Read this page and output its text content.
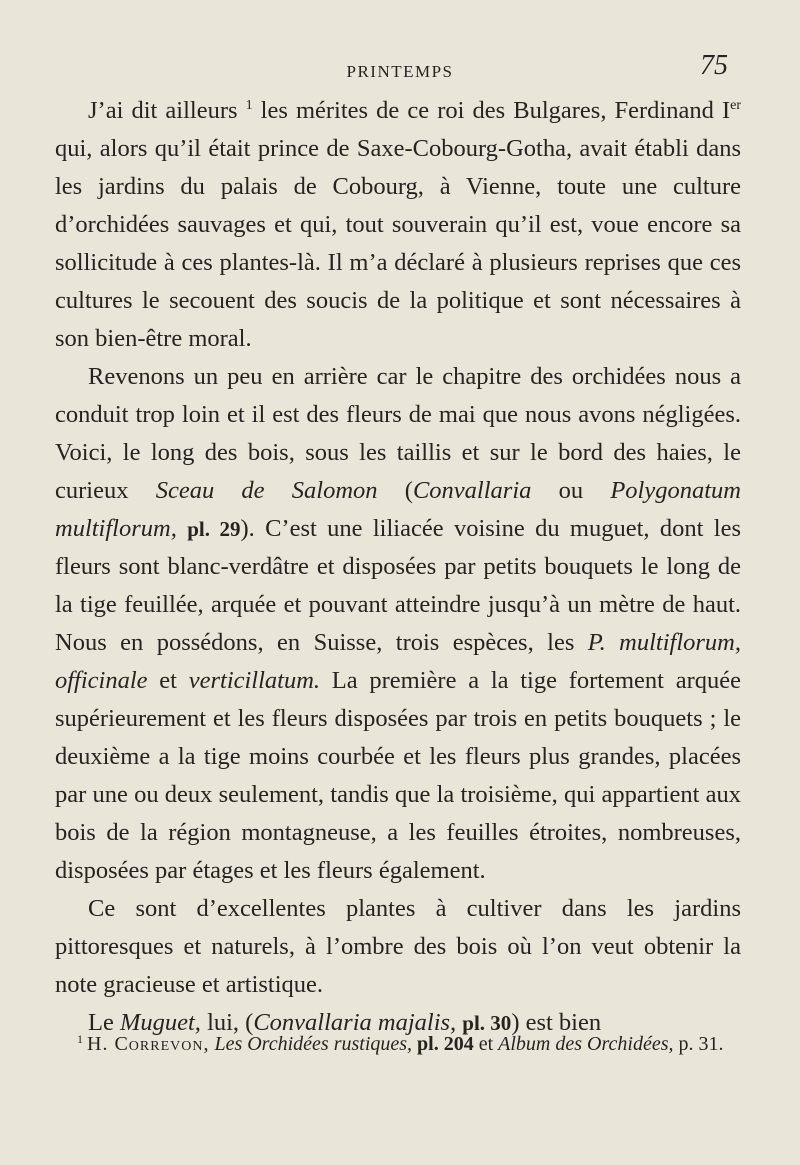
PRINTEMPS	75

J’ai dit ailleurs $^1$ les mérites de ce roi des Bulgares, Ferdinand Ier qui, alors qu’il était prince de Saxe-Cobourg-Gotha, avait établi dans les jardins du palais de Cobourg, à Vienne, toute une culture d’orchidées sauvages et qui, tout souverain qu’il est, voue encore sa sollicitude à ces plantes-là. Il m’a déclaré à plusieurs reprises que ces cultures le secouent des soucis de la politique et sont nécessaires à son bien-être moral.

Revenons un peu en arrière car le chapitre des orchidées nous a conduit trop loin et il est des fleurs de mai que nous avons négligées. Voici, le long des bois, sous les taillis et sur le bord des haies, le curieux Sceau de Salomon (Convallaria ou Polygonatum multiflorum, pl. 29). C’est une liliacée voisine du muguet, dont les fleurs sont blanc-verdâtre et disposées par petits bouquets le long de la tige feuillée, arquée et pouvant atteindre jusqu’à un mètre de haut. Nous en possédons, en Suisse, trois espèces, les P. multiflorum, officinale et verticillatum. La première a la tige fortement arquée supérieurement et les fleurs disposées par trois en petits bouquets ; le deuxième a la tige moins courbée et les fleurs plus grandes, placées par une ou deux seulement, tandis que la troisième, qui appartient aux bois de la région montagneuse, a les feuilles étroites, nombreuses, disposées par étages et les fleurs également.

Ce sont d’excellentes plantes à cultiver dans les jardins pittoresques et naturels, à l’ombre des bois où l’on veut obtenir la note gracieuse et artistique.

Le Muguet, lui, (Convallaria majalis, pl. 30) est bien

$^1$ H. Correvon, Les Orchidées rustiques, pl. 204 et Album des Orchidées, p. 31.
